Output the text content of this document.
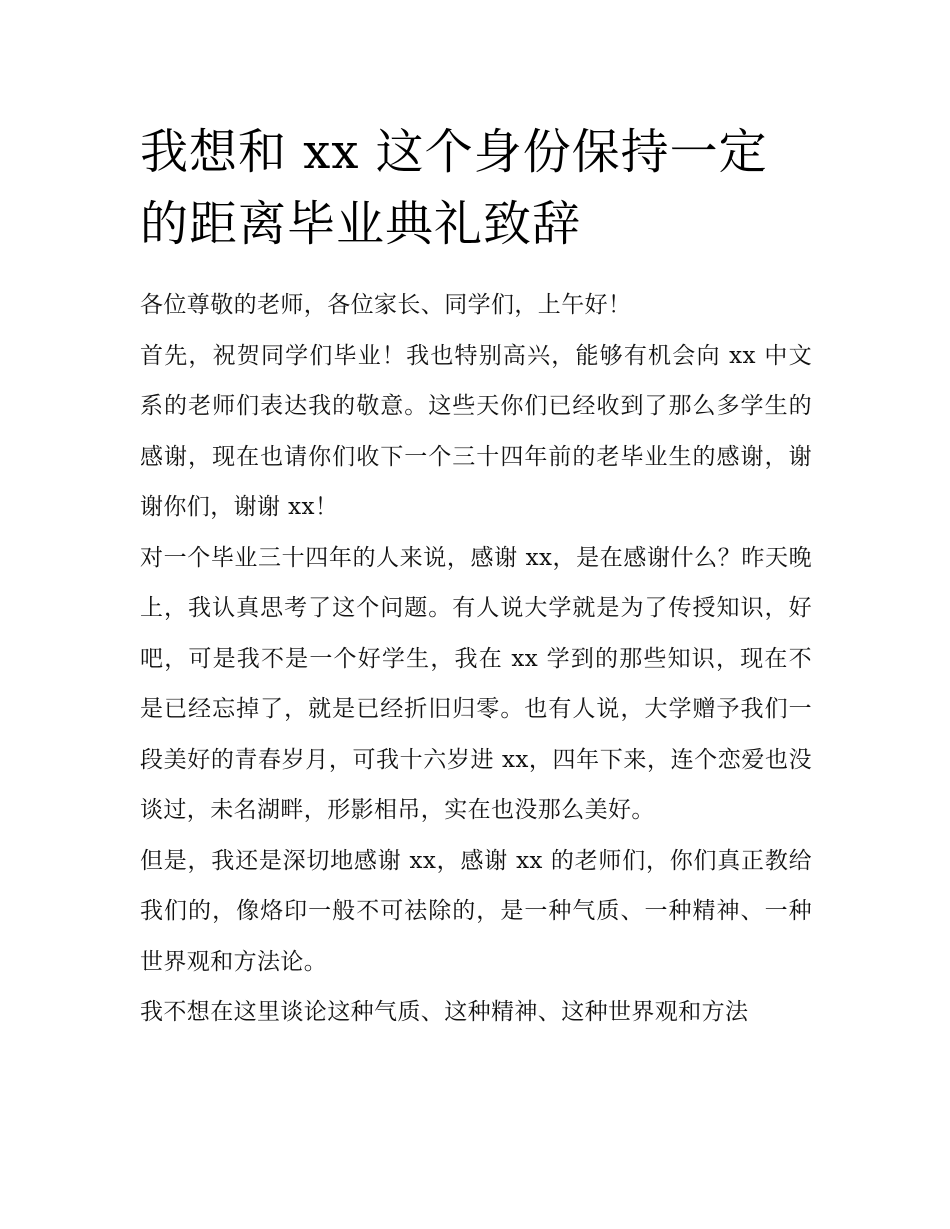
我想和 xx 这个身份保持一定的距离毕业典礼致辞

各位尊敬的老师，各位家长、同学们，上午好！

首先，祝贺同学们毕业！我也特别高兴，能够有机会向 xx 中文系的老师们表达我的敬意。这些天你们已经收到了那么多学生的感谢，现在也请你们收下一个三十四年前的老毕业生的感谢，谢谢你们，谢谢 xx！

对一个毕业三十四年的人来说，感谢 xx，是在感谢什么？昨天晚上，我认真思考了这个问题。有人说大学就是为了传授知识，好吧，可是我不是一个好学生，我在 xx 学到的那些知识，现在不是已经忘掉了，就是已经折旧归零。也有人说，大学赠予我们一段美好的青春岁月，可我十六岁进 xx，四年下来，连个恋爱也没谈过，未名湖畔，形影相吊，实在也没那么美好。

但是，我还是深切地感谢 xx，感谢 xx 的老师们，你们真正教给我们的，像烙印一般不可祛除的，是一种气质、一种精神、一种世界观和方法论。

我不想在这里谈论这种气质、这种精神、这种世界观和方法
